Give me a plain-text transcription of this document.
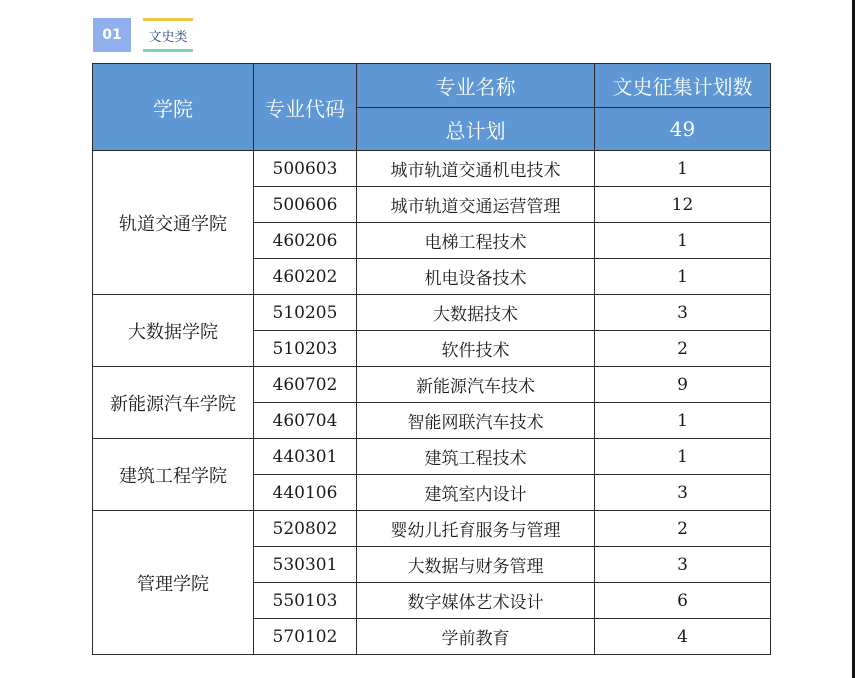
01	文史类
学院	专业代码	专业名称	文史征集计划数
		总计划	49
轨道交通学院	500603	城市轨道交通机电技术	1
	500606	城市轨道交通运营管理	12
	460206	电梯工程技术	1
	460202	机电设备技术	1
大数据学院	510205	大数据技术	3
	510203	软件技术	2
新能源汽车学院	460702	新能源汽车技术	9
	460704	智能网联汽车技术	1
建筑工程学院	440301	建筑工程技术	1
	440106	建筑室内设计	3
管理学院	520802	婴幼儿托育服务与管理	2
	530301	大数据与财务管理	3
	550103	数字媒体艺术设计	6
	570102	学前教育	4
